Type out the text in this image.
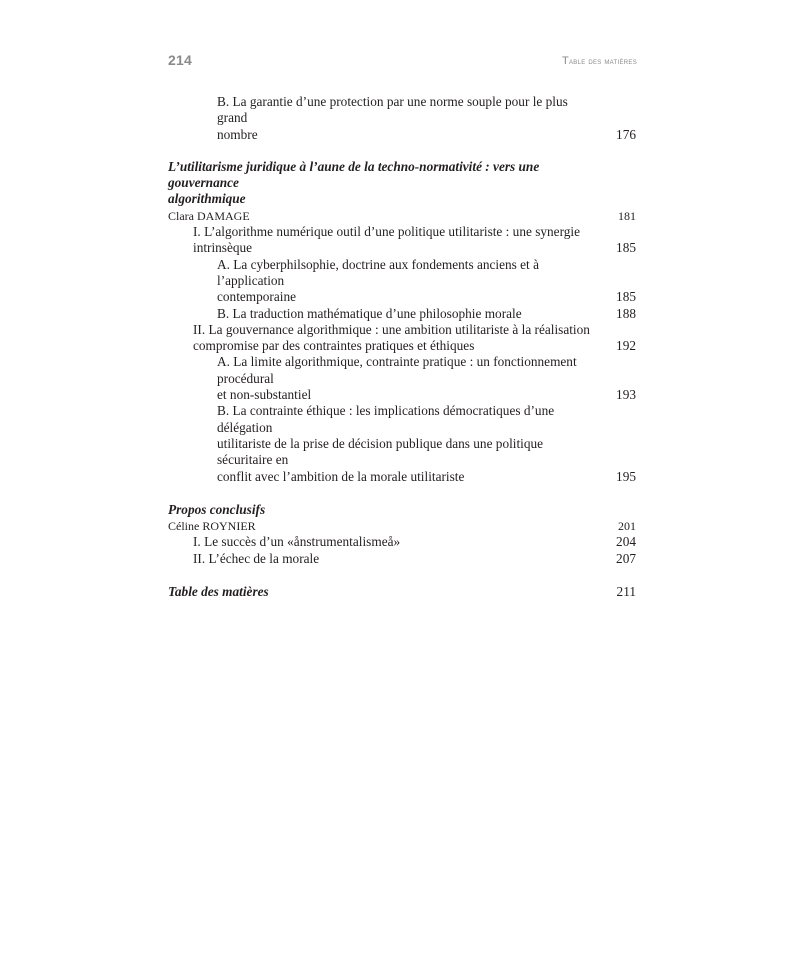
214	Table des matières
B. La garantie d’une protection par une norme souple pour le plus grand
nombre	176
L’utilitarisme juridique à l’aune de la techno-normativité : vers une gouvernance
algorithmique
Clara DAMAGE	181
I. L’algorithme numérique outil d’une politique utilitariste : une synergie
intrinsèque	185
A. La cyberphilsophie, doctrine aux fondements anciens et à l’application
contemporaine	185
B. La traduction mathématique d’une philosophie morale	188
II. La gouvernance algorithmique : une ambition utilitariste à la réalisation
compromise par des contraintes pratiques et éthiques	192
A. La limite algorithmique, contrainte pratique : un fonctionnement procédural
et non-substantiel	193
B. La contrainte éthique : les implications démocratiques d’une délégation
utilitariste de la prise de décision publique dans une politique sécuritaire en
conflit avec l’ambition de la morale utilitariste	195
Propos conclusifs
Céline ROYNIER	201
I. Le succès d’un «ånstrumentalismeå»	204
II. L’échec de la morale	207
Table des matières	211
